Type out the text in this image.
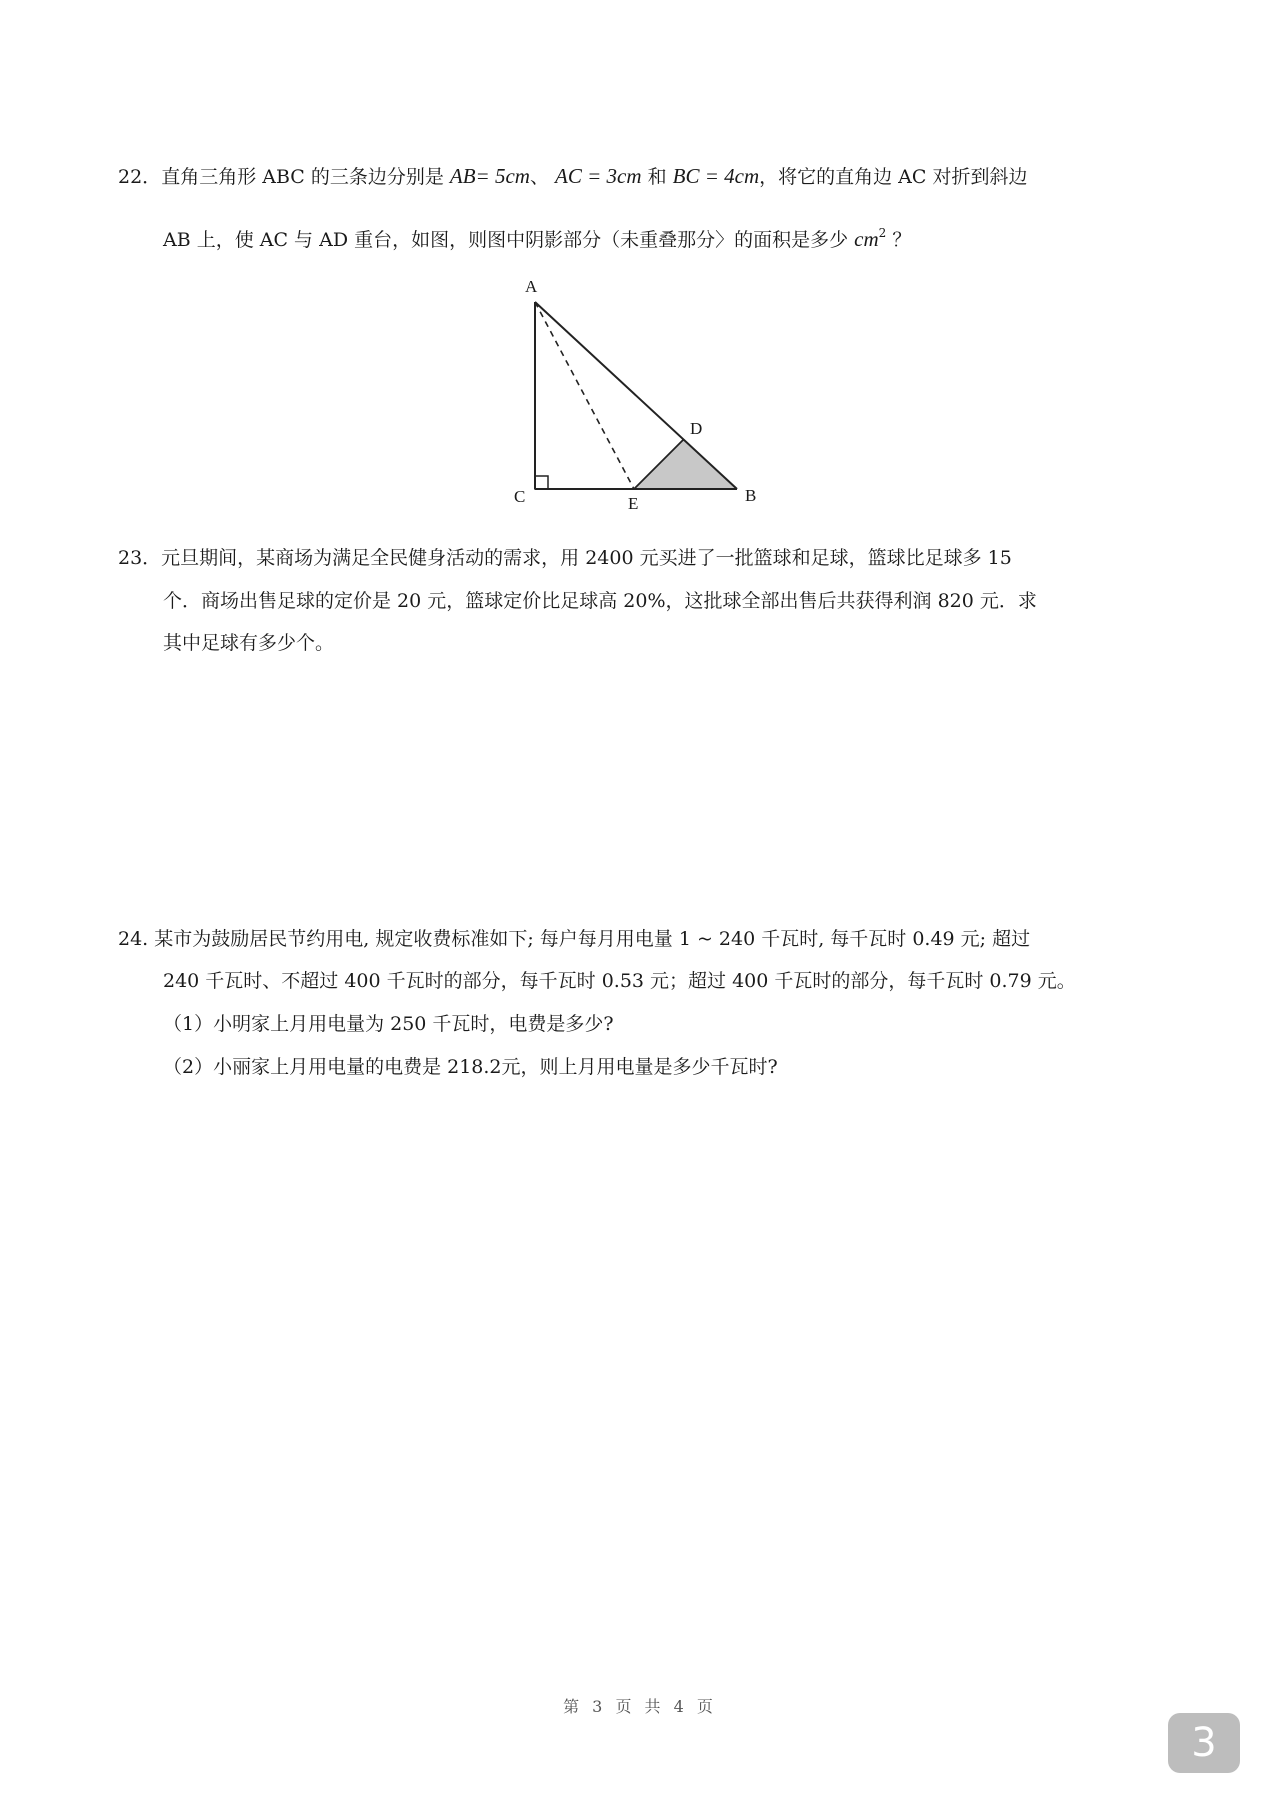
22．直角三角形 ABC 的三条边分别是 AB= 5cm、 AC = 3cm 和 BC = 4cm，将它的直角边 AC 对折到斜边
AB 上，使 AC 与 AD 重台，如图，则图中阴影部分（未重叠那分〉的面积是多少 $cm^2$ ？
A
C	E	B
D
23．元旦期间，某商场为满足全民健身活动的需求，用 2400 元买进了一批篮球和足球，篮球比足球多 15
个．商场出售足球的定价是 20 元，篮球定价比足球高 20%，这批球全部出售后共获得利润 820 元．求
其中足球有多少个。
24. 某市为鼓励居民节约用电, 规定收费标准如下; 每户每月用电量 1 ~ 240 千瓦时, 每千瓦时 0.49 元; 超过
240 千瓦时、不超过 400 千瓦时的部分，每千瓦时 0.53 元；超过 400 千瓦时的部分，每千瓦时 0.79 元。
（1）小明家上月用电量为 250 千瓦时，电费是多少?
（2）小丽家上月用电量的电费是 218.2元，则上月用电量是多少千瓦时?
第 3 页 共 4 页
3
